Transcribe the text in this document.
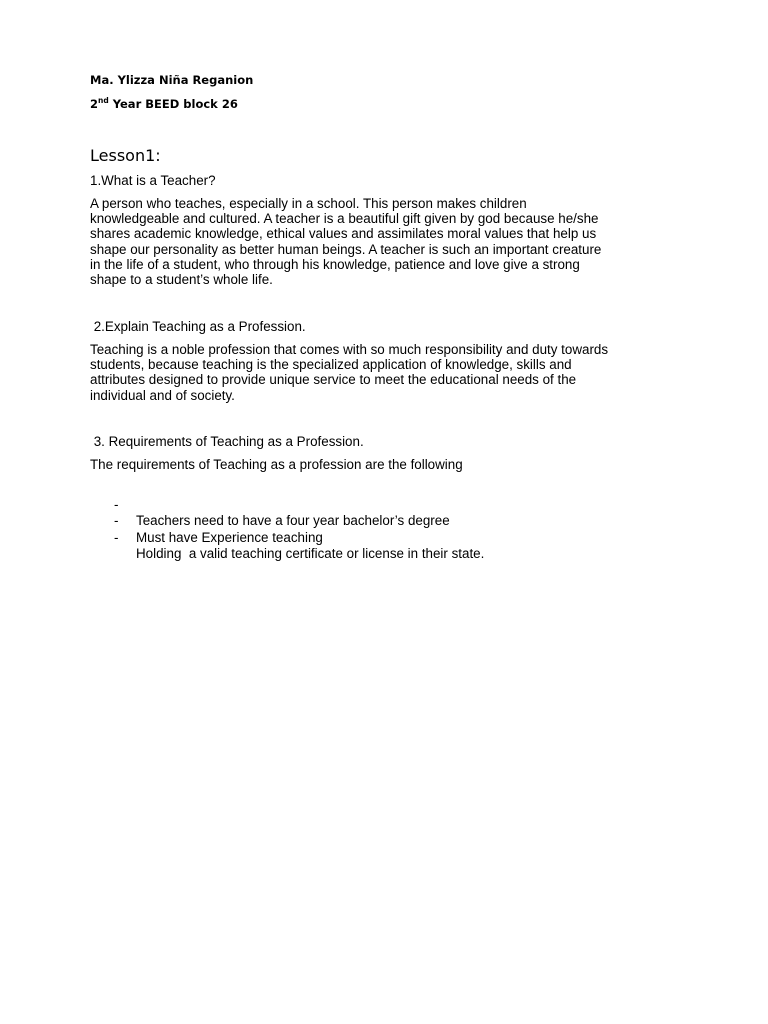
Ma. Ylizza Niña Reganion

2nd Year BEED block 26

Lesson1:

1.What is a Teacher?

A person who teaches, especially in a school. This person makes children
knowledgeable and cultured. A teacher is a beautiful gift given by god because he/she
shares academic knowledge, ethical values and assimilates moral values that help us
shape our personality as better human beings. A teacher is such an important creature
in the life of a student, who through his knowledge, patience and love give a strong
shape to a student’s whole life.

2.Explain Teaching as a Profession.

Teaching is a noble profession that comes with so much responsibility and duty towards
students, because teaching is the specialized application of knowledge, skills and
attributes designed to provide unique service to meet the educational needs of the
individual and of society.

3. Requirements of Teaching as a Profession.

The requirements of Teaching as a profession are the following

-

Teachers need to have a four year bachelor’s degree

-

Must have Experience teaching

-

Holding  a valid teaching certificate or license in their state.
